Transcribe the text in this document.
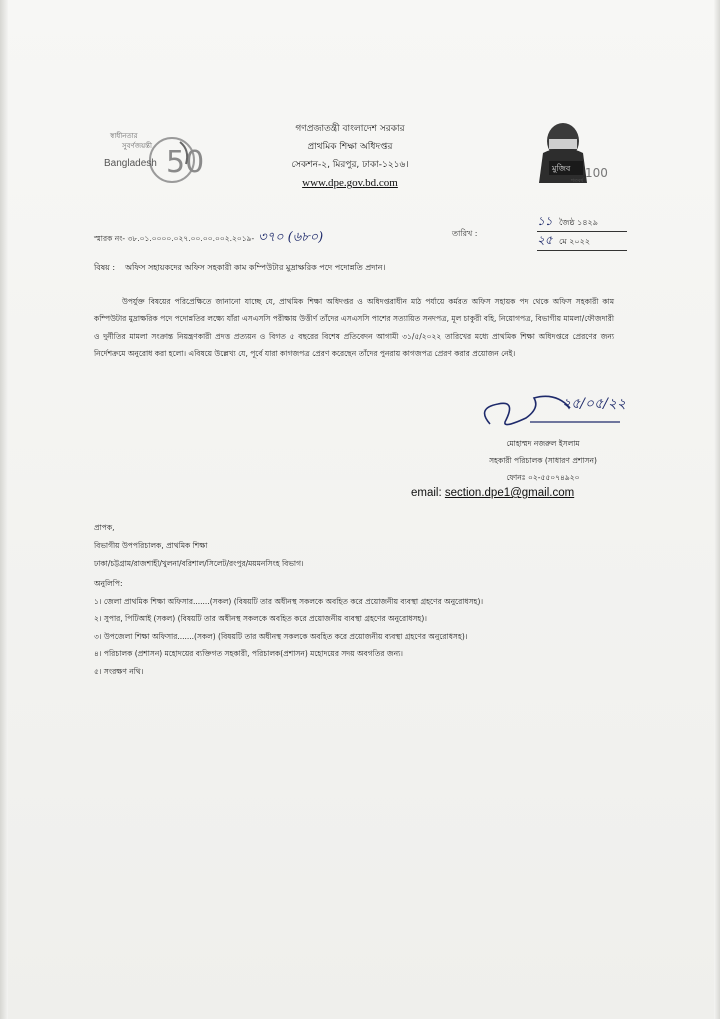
50
স্বাধীনতার
সুবর্ণজয়ন্তী
Bangladesh
গণপ্রজাতন্ত্রী বাংলাদেশ সরকার
প্রাথমিক শিক্ষা অধিদপ্তর
সেকশন-২, মিরপুর, ঢাকা-১২১৬।
www.dpe.gov.bd.com
মুজিব
শতবর্ষ
100
স্মারক নং- ৩৮.০১.০০০০.০২৭.০০.০০.০০২.২০১৯- ৩৭০ (৬৮০)	তারিখ :
১১ জৈষ্ঠ ১৪২৯
২৫ মে ২০২২
বিষয় : অফিস সহায়কদের অফিস সহকারী কাম কম্পিউটার মুদ্রাক্ষরিক পদে পদোন্নতি প্রদান।

উপর্যুক্ত বিষয়ের পরিপ্রেক্ষিতে জানানো যাচ্ছে যে, প্রাথমিক শিক্ষা অধিদপ্তর ও অধিদপ্তরাধীন মাঠ পর্যায়ে কর্মরত অফিস সহায়ক পদ থেকে অফিস সহকারী কাম কম্পিউটার মুদ্রাক্ষরিক পদে পদোন্নতির লক্ষ্যে যাঁরা এসএসসি পরীক্ষায় উত্তীর্ণ তাঁদের এসএসসি পাশের সত্যায়িত সনদপত্র, মূল চাকুরী বহি, নিয়োগপত্র, বিভাগীয় মামলা/ফৌজদারী ও দুর্নীতির মামলা সংক্রান্ত নিয়ন্ত্রণকারী প্রদত্ত প্রত্যয়ন ও বিগত ৫ বছরের বিশেষ প্রতিবেদন আগামী ৩১/৫/২০২২ তারিখের মধ্যে প্রাথমিক শিক্ষা অধিদপ্তরে প্রেরণের জন্য নির্দেশক্রমে অনুরোধ করা হলো। এবিষয়ে উল্লেখ্য যে, পূর্বে যারা কাগজপত্র প্রেরণ করেছেন তাঁদের পুনরায় কাগজপত্র প্রেরণ করার প্রয়োজন নেই।

২৫/০৫/২২
মোহাম্মদ নজরুল ইসলাম
সহকারী পরিচালক (সাধারণ প্রশাসন)
ফোনঃ ০২-৫৫০৭৪৯২০
email: section.dpe1@gmail.com
প্রাপক,
বিভাগীয় উপপরিচালক, প্রাথমিক শিক্ষা
ঢাকা/চট্টগ্রাম/রাজশাহী/খুলনা/বরিশাল/সিলেট/রংপুর/ময়মনসিংহ বিভাগ।
অনুলিপি:
১। জেলা প্রাথমিক শিক্ষা অফিসার.......(সকল) (বিষয়টি তার অধীনস্থ সকলকে অবহিত করে প্রয়োজনীয় ব্যবস্থা গ্রহণের অনুরোধসহ)।
২। সুপার, পিটিআই (সকল) (বিষয়টি তার অধীনস্থ সকলকে অবহিত করে প্রয়োজনীয় ব্যবস্থা গ্রহণের অনুরোধসহ)।
৩। উপজেলা শিক্ষা অফিসার.......(সকল) (বিষয়টি তার অধীনস্থ সকলকে অবহিত করে প্রয়োজনীয় ব্যবস্থা গ্রহণের অনুরোধসহ)।
৪। পরিচালক (প্রশাসন) মহোদয়ের ব্যক্তিগত সহকারী, পরিচালক(প্রশাসন) মহোদয়ের সদয় অবগতির জন্য।
৫। সংরক্ষণ নথি।
